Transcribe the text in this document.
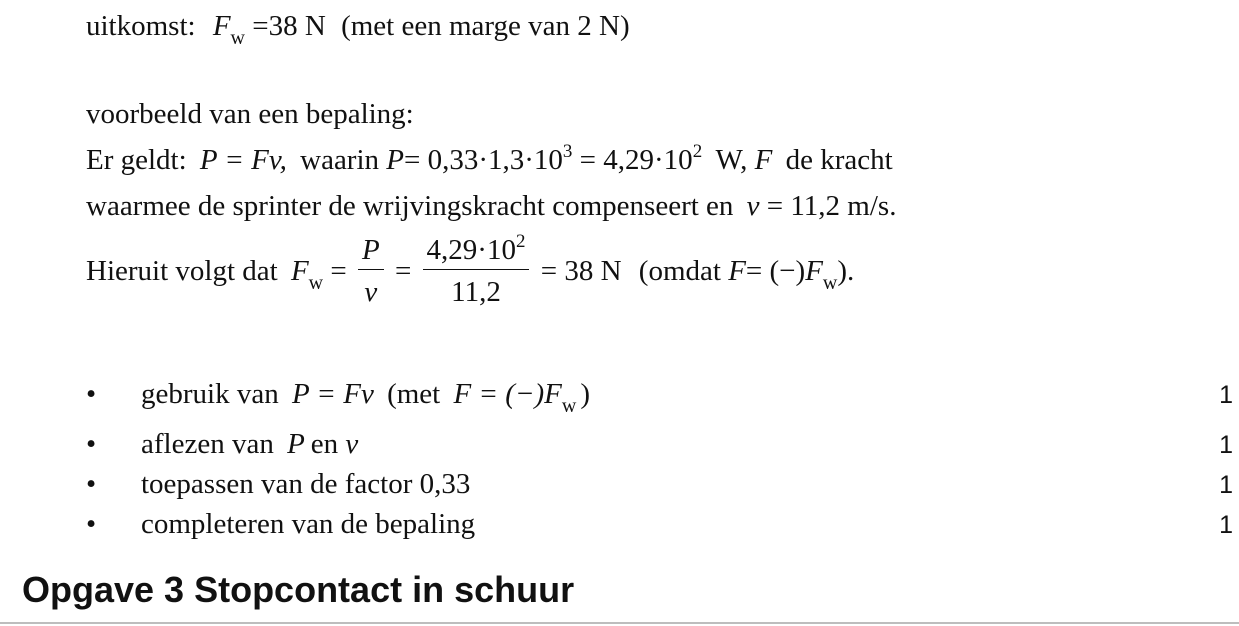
uitkomst: $F_w =38$ N (met een marge van 2 N)
voorbeeld van een bepaling:
Er geldt: P = Fv, waarin $P= 0,33\cdot 1,3\cdot 10^3 = 4,29\cdot 10^2$ W, F de kracht
waarmee de sprinter de wrijvingskracht compenseert en v = 11,2 m/s.
Hieruit volgt dat $F_w = \frac{P}{v} = \frac{4,29\cdot 10^2}{11,2} = 38$ N (omdat $F= (-)F_w$).
• gebruik van P = Fv (met $F = (-)F_w$ )	1
• aflezen van P en v	1
• toepassen van de factor 0,33	1
• completeren van de bepaling	1
Opgave 3 Stopcontact in schuur
